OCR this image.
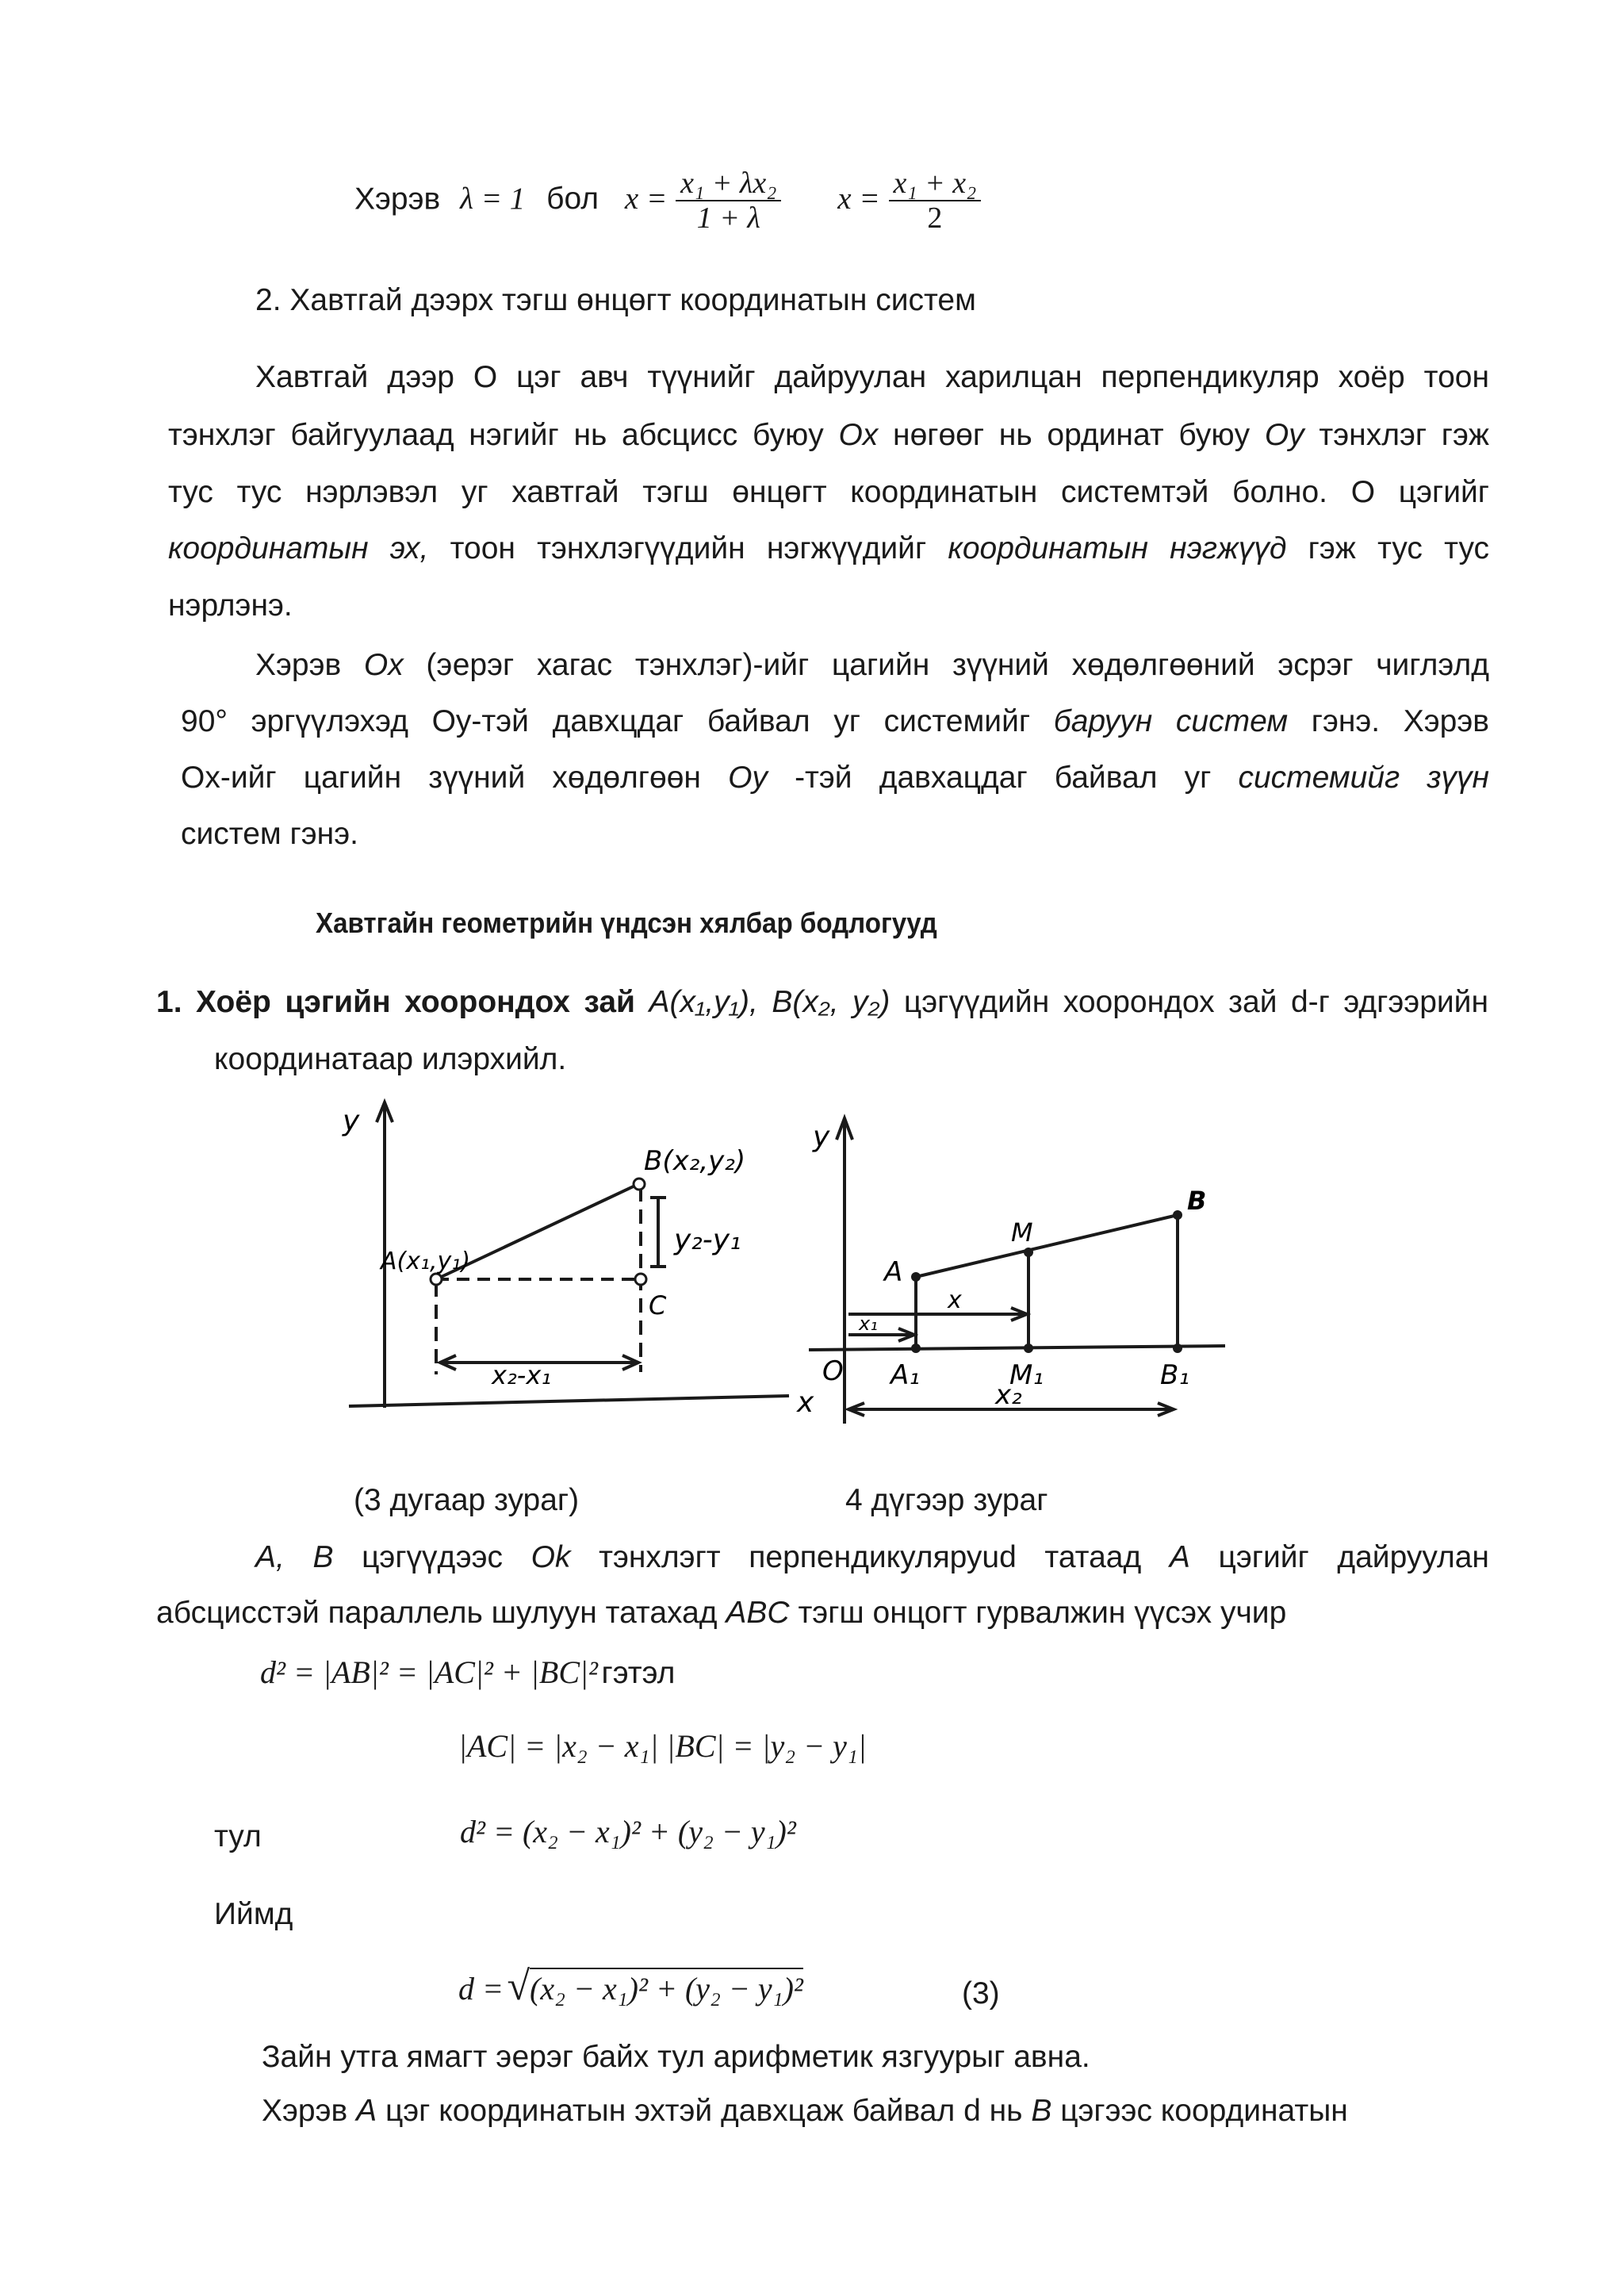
Хэрэв λ = 1 бол $x = \frac{\text{x₁ + λx₂}}{1 + \lambda}$ $x = \frac{\text{x₁ + x₂}}{2}$
2. Хавтгай дээрх тэгш өнцөгт координатын систем
Хавтгай дээр О цэг авч түүнийг дайруулан харилцан перпендикуляр хоёр тоон
тэнхлэг байгуулаад нэгийг нь абсцисс буюу Ox нөгөөг нь ординат буюу Oy тэнхлэг гэж
тус тус нэрлэвэл уг хавтгай тэгш өнцөгт координатын системтэй болно. О цэгийг
координатын эх, тоон тэнхлэгүүдийн нэгжүүдийг координатын нэгжүүд гэж тус тус
нэрлэнэ.
Хэрэв Ox (эерэг хагас тэнхлэг)-ийг цагийн зүүний хөдөлгөөний эсрэг чиглэлд
90° эргүүлэхэд Оу-тэй давхцдаг байвал уг системийг баруун систем гэнэ. Хэрэв
Ox-ийг цагийн зүүний хөдөлгөөн Oy -тэй давхацдаг байвал уг системийг зүүн
систем гэнэ.
Хавтгайн геометрийн үндсэн хялбар бодлогууд
1. Хоёр цэгийн хоорондох зай A(x₁,y₁), B(x₂, y₂) цэгүүдийн хоорондох зай d-г эдгээрийн
координатаар илэрхийл.
y
x
A(x₁,y₁)
B(x₂,y₂)
C
y₂-y₁
x₂-x₁
y
O
A
M
B
A₁	M₁	B₁
x
x₁
x₂
(3 дугаар зураг)	4 дүгээр зураг
A, B цэгүүдээс Ok тэнхлэгт перпендикуляруud татаад A цэгийг дайруулан
абсцисстэй параллель шулуун татахад ABC тэгш онцогт гурвалжин үүсэх учир
d² = |AB|² = |AC|² + |BC|² гэтэл
|AC| = |x₂ − x₁| |BC| = |y₂ − y₁|
тул	d² = (x₂ − x₁)² + (y₂ − y₁)²
Иймд
d = √(x₂ − x₁)² + (y₂ − y₁)²	(3)
Зайн утга ямагт эерэг байх тул арифметик язгуурыг авна.
Хэрэв A цэг координатын эхтэй давхцаж байвал d нь B цэгээс координатын
